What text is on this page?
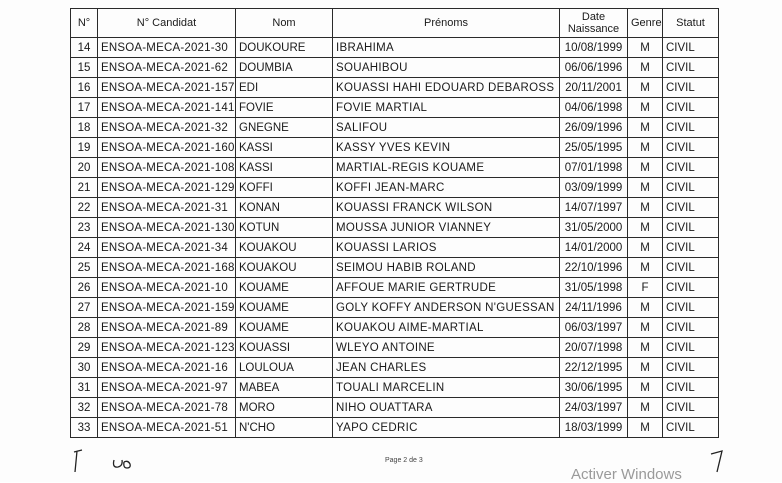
N°	N° Candidat	Nom	Prénoms	Date
Naissance	Genre	Statut
14	ENSOA-MECA-2021-30	DOUKOURE	IBRAHIMA	10/08/1999	M	CIVIL
15	ENSOA-MECA-2021-62	DOUMBIA	SOUAHIBOU	06/06/1996	M	CIVIL
16	ENSOA-MECA-2021-157	EDI	KOUASSI HAHI EDOUARD DEBAROSS	20/11/2001	M	CIVIL
17	ENSOA-MECA-2021-141	FOVIE	FOVIE MARTIAL	04/06/1998	M	CIVIL
18	ENSOA-MECA-2021-32	GNEGNE	SALIFOU	26/09/1996	M	CIVIL
19	ENSOA-MECA-2021-160	KASSI	KASSY YVES KEVIN	25/05/1995	M	CIVIL
20	ENSOA-MECA-2021-108	KASSI	MARTIAL-REGIS KOUAME	07/01/1998	M	CIVIL
21	ENSOA-MECA-2021-129	KOFFI	KOFFI JEAN-MARC	03/09/1999	M	CIVIL
22	ENSOA-MECA-2021-31	KONAN	KOUASSI FRANCK WILSON	14/07/1997	M	CIVIL
23	ENSOA-MECA-2021-130	KOTUN	MOUSSA JUNIOR VIANNEY	31/05/2000	M	CIVIL
24	ENSOA-MECA-2021-34	KOUAKOU	KOUASSI LARIOS	14/01/2000	M	CIVIL
25	ENSOA-MECA-2021-168	KOUAKOU	SEIMOU HABIB ROLAND	22/10/1996	M	CIVIL
26	ENSOA-MECA-2021-10	KOUAME	AFFOUE MARIE GERTRUDE	31/05/1998	F	CIVIL
27	ENSOA-MECA-2021-159	KOUAME	GOLY KOFFY ANDERSON N'GUESSAN	24/11/1996	M	CIVIL
28	ENSOA-MECA-2021-89	KOUAME	KOUAKOU AIME-MARTIAL	06/03/1997	M	CIVIL
29	ENSOA-MECA-2021-123	KOUASSI	WLEYO ANTOINE	20/07/1998	M	CIVIL
30	ENSOA-MECA-2021-16	LOULOUA	JEAN CHARLES	22/12/1995	M	CIVIL
31	ENSOA-MECA-2021-97	MABEA	TOUALI MARCELIN	30/06/1995	M	CIVIL
32	ENSOA-MECA-2021-78	MORO	NIHO OUATTARA	24/03/1997	M	CIVIL
33	ENSOA-MECA-2021-51	N'CHO	YAPO CEDRIC	18/03/1999	M	CIVIL
Page 2 de 3
Activer Windows
